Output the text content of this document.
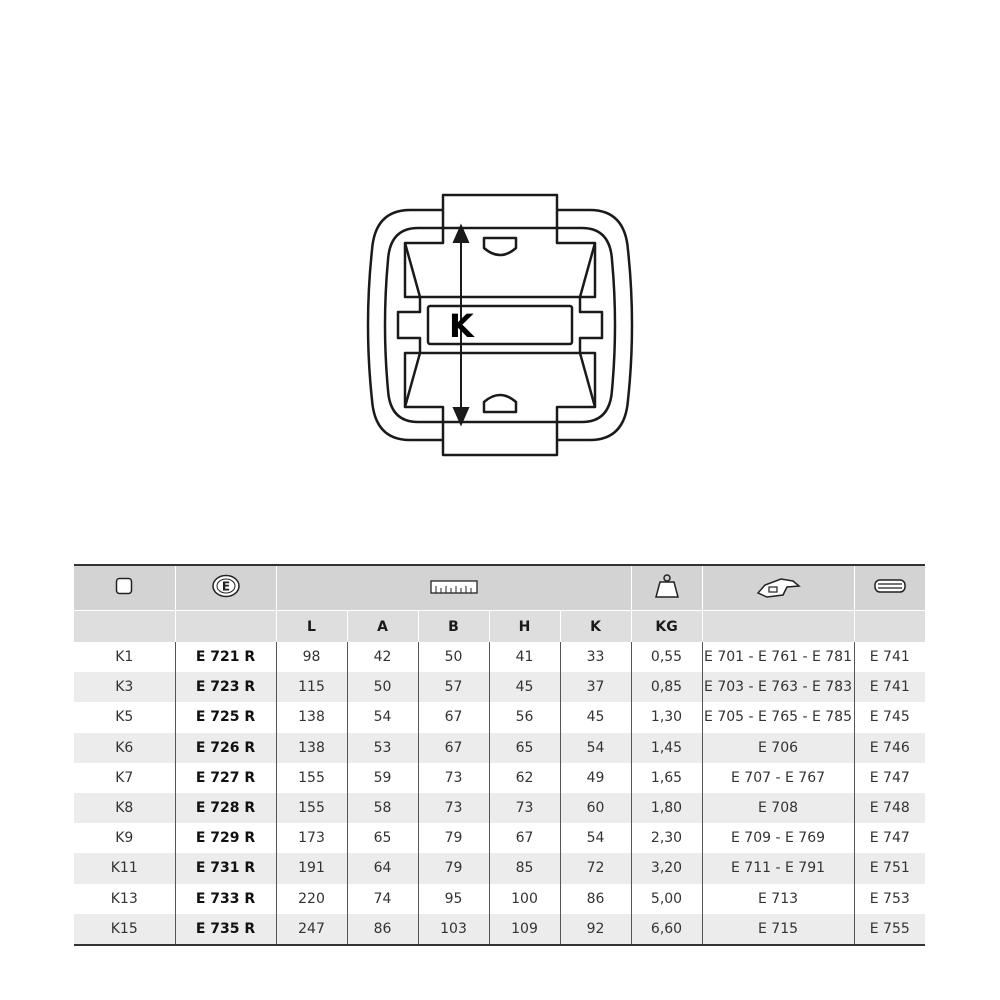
K

E

		L	A	B	H	K	KG		
K1	E 721 R	98	42	50	41	33	0,55	E 701 - E 761 - E 781	E 741
K3	E 723 R	115	50	57	45	37	0,85	E 703 - E 763 - E 783	E 741
K5	E 725 R	138	54	67	56	45	1,30	E 705 - E 765 - E 785	E 745
K6	E 726 R	138	53	67	65	54	1,45	E 706	E 746
K7	E 727 R	155	59	73	62	49	1,65	E 707 - E 767	E 747
K8	E 728 R	155	58	73	73	60	1,80	E 708	E 748
K9	E 729 R	173	65	79	67	54	2,30	E 709 - E 769	E 747
K11	E 731 R	191	64	79	85	72	3,20	E 711 - E 791	E 751
K13	E 733 R	220	74	95	100	86	5,00	E 713	E 753
K15	E 735 R	247	86	103	109	92	6,60	E 715	E 755
